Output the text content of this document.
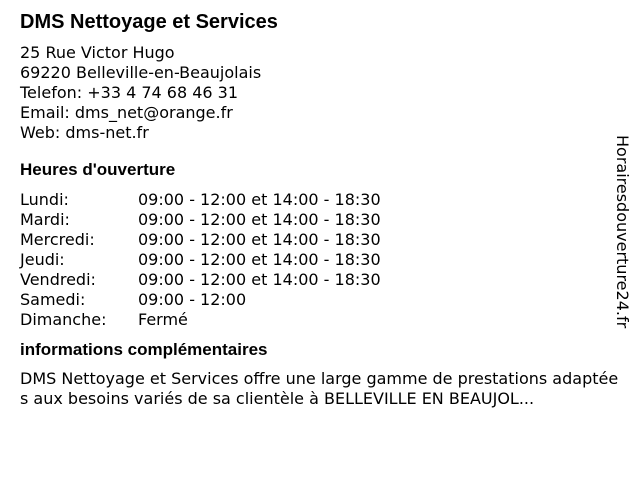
DMS Nettoyage et Services
25 Rue Victor Hugo
69220 Belleville-en-Beaujolais
Telefon: +33 4 74 68 46 31
Email: dms_net@orange.fr
Web: dms-net.fr
Heures d'ouverture
Lundi:	09:00 - 12:00 et 14:00 - 18:30
Mardi:	09:00 - 12:00 et 14:00 - 18:30
Mercredi:	09:00 - 12:00 et 14:00 - 18:30
Jeudi:	09:00 - 12:00 et 14:00 - 18:30
Vendredi:	09:00 - 12:00 et 14:00 - 18:30
Samedi:	09:00 - 12:00
Dimanche:	Fermé
informations complémentaires

DMS Nettoyage et Services offre une large gamme de prestations adaptées aux besoins variés de sa clientèle à BELLEVILLE EN BEAUJOL...

Horairesdouverture24.fr
